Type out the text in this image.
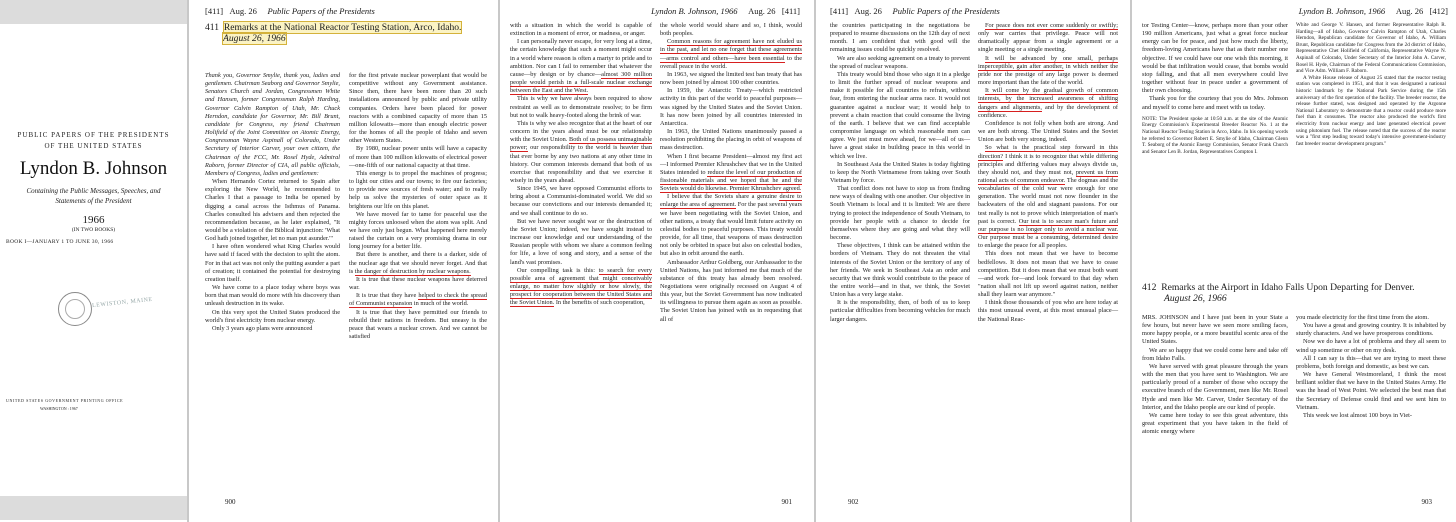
PUBLIC PAPERS OF THE PRESIDENTS
OF THE UNITED STATES
Lyndon B. Johnson
Containing the Public Messages, Speeches, and Statements of the President
1966
(IN TWO BOOKS)
BOOK I—JANUARY 1 TO JUNE 30, 1966
LEWISTON, MAINE
UNITED STATES GOVERNMENT PRINTING OFFICE
WASHINGTON : 1967
[411] Aug. 26 Public Papers of the Presidents
411 Remarks at the National Reactor Testing Station, Arco, Idaho.
August 26, 1966

Thank you, Governor Smylie, thank you, ladies and gentlemen. Chairman Seaborg and Governor Smylie, Senators Church and Jordan, Congressmen White and Hansen, former Congressman Ralph Harding, Governor Calvin Rampton of Utah, Mr. Chuck Herndon, candidate for Governor, Mr. Bill Brunt, candidate for Congress, my friend Chairman Holifield of the Joint Committee on Atomic Energy, Congressman Wayne Aspinall of Colorado, Under Secretary of Interior Carver, your own citizen, the Chairman of the FCC, Mr. Rosel Hyde, Admiral Raborn, former Director of CIA, all public officials, Members of Congress, ladies and gentlemen:

When Hernando Cortez returned to Spain after exploring the New World, he recommended to Charles I that a passage to India be opened by digging a canal across the Isthmus of Panama. Charles consulted his advisers and then rejected the recommendation because, as he later explained, "It would be a violation of the Biblical injunction: 'What God hath joined together, let no man put asunder.'"

I have often wondered what King Charles would have said if faced with the decision to split the atom. For in that act was not only the putting asunder a part of creation; it contained the potential for destroying creation itself.

We have come to a place today where boys was born that man would do more with his discovery than unleash destruction in its wake.

On this very spot the United States produced the world's first electricity from nuclear energy.

Only 3 years ago plans were announced

for the first private nuclear powerplant that would be competitive without any Government assistance. Since then, there have been more than 20 such installations announced by public and private utility companies. Orders have been placed for power reactors with a combined capacity of more than 15 million kilowatts—more than enough electric power for the homes of all the people of Idaho and seven other Western States.

By 1980, nuclear power units will have a capacity of more than 100 million kilowatts of electrical power—one-fifth of our national capacity at that time.

This energy is to propel the machines of progress; to light our cities and our towns; to fire our factories; to provide new sources of fresh water; and to really help us solve the mysteries of outer space as it brightens our life on this planet.

We have moved far to tame for peaceful use the mighty forces unloosed when the atom was split. And we have only just begun. What happened here merely raised the curtain on a very promising drama in our long journey for a better life.

But there is another, and there is a darker, side of the nuclear age that we should never forget. And that is the danger of destruction by nuclear weapons.

It is true that these nuclear weapons have deterred war.

It is true that they have helped to check the spread of Communist expansion in much of the world.

It is true that they have permitted our friends to rebuild their nations in freedom. But uneasy is the peace that wears a nuclear crown. And we cannot be satisfied

900
Lyndon B. Johnson, 1966 Aug. 26 [411]

with a situation in which the world is capable of extinction in a moment of error, or madness, or anger.

I can personally never escape, for very long at a time, the certain knowledge that such a moment might occur in a world where reason is often a martyr to pride and to ambition. Nor can I fail to remember that whatever the cause—by design or by chance—almost 300 million people would perish in a full-scale nuclear exchange between the East and the West.

This is why we have always been required to show restraint as well as to demonstrate resolve; to be firm but not to walk heavy-footed along the brink of war.

This is why we also recognize that at the heart of our concern in the years ahead must be our relationship with the Soviet Union. Both of us possess unimaginable power; our responsibility to the world is heavier than that ever borne by any two nations at any other time in history. Our common interests demand that both of us exercise that responsibility and that we exercise it wisely in the years ahead.

Since 1945, we have opposed Communist efforts to bring about a Communist-dominated world. We did so because our convictions and our interests demanded it; and we shall continue to do so.

But we have never sought war or the destruction of the Soviet Union; indeed, we have sought instead to increase our knowledge and our understanding of the Russian people with whom we share a common feeling for life, a love of song and story, and a sense of the land's vast promises.

Our compelling task is this: to search for every possible area of agreement that might conceivably enlarge, no matter how slightly or how slowly, the prospect for cooperation between the United States and the Soviet Union. In the benefits of such cooperation,

the whole world would share and so, I think, would both peoples.

Common reasons for agreement have not eluded us in the past, and let no one forget that these agreements—arms control and others—have been essential to the overall peace in the world.

In 1963, we signed the limited test ban treaty that has now been joined by almost 100 other countries.

In 1959, the Antarctic Treaty—which restricted activity in this part of the world to peaceful purposes—was signed by the United States and the Soviet Union. It has now been joined by all countries interested in Antarctica.

In 1963, the United Nations unanimously passed a resolution prohibiting the placing in orbit of weapons of mass destruction.

When I first became President—almost my first act—I informed Premier Khrushchev that we in the United States intended to reduce the level of our production of fissionable materials and we hoped that he and the Soviets would do likewise. Premier Khrushchev agreed.

I believe that the Soviets share a genuine desire to enlarge the area of agreement. For the past several years we have been negotiating with the Soviet Union, and other nations, a treaty that would limit future activity on celestial bodies to peaceful purposes. This treaty would provide, for all time, that weapons of mass destruction not only be orbited in space but also on celestial bodies, but also in orbit around the earth.

Ambassador Arthur Goldberg, our Ambassador to the United Nations, has just informed me that much of the substance of this treaty has already been resolved. Negotiations were originally recessed on August 4 of this year, but the Soviet Government has now indicated its willingness to pursue them again as soon as possible. The Soviet Union has joined with us in requesting that all of

901
[411] Aug. 26 Public Papers of the Presidents

the countries participating in the negotiations be prepared to resume discussions on the 12th day of next month. I am confident that with good will the remaining issues could be quickly resolved.

We are also seeking agreement on a treaty to prevent the spread of nuclear weapons.

This treaty would bind those who sign it in a pledge to limit the further spread of nuclear weapons and make it possible for all countries to refrain, without fear, from entering the nuclear arms race. It would not guarantee against a nuclear war; it would help to prevent a chain reaction that could consume the living of the earth. I believe that we can find acceptable compromise language on which reasonable men can agree. We just must move ahead, for we—all of us—have a great stake in building peace in this world in which we live.

In Southeast Asia the United States is today fighting to keep the North Vietnamese from taking over South Vietnam by force.

That conflict does not have to stop us from finding new ways of dealing with one another. Our objective in South Vietnam is local and it is limited: We are there trying to protect the independence of South Vietnam, to provide her people with a chance to decide for themselves where they are going and what they will become.

These objectives, I think can be attained within the borders of Vietnam. They do not threaten the vital interests of the Soviet Union or the territory of any of her friends. We seek in Southeast Asia an order and security that we think would contribute to the peace of the entire world—and in that, we think, the Soviet Union has a very large stake.

It is the responsibility, then, of both of us to keep particular difficulties from becoming vehicles for much larger dangers.

For peace does not ever come suddenly or swiftly; only war carries that privilege. Peace will not dramatically appear from a single agreement or a single meeting or a single meeting.

It will be advanced by one small, perhaps imperceptible, gain after another, in which neither the pride nor the prestige of any large power is deemed more important than the fate of the world.

It will come by the gradual growth of common interests, by the increased awareness of shifting dangers and alignments, and by the development of confidence.

Confidence is not folly when both are strong. And we are both strong. The United States and the Soviet Union are both very strong, indeed.

So what is the practical step forward in this direction? I think it is to recognize that while differing principles and differing values may always divide us, they should not, and they must not, prevent us from rational acts of common endeavor. The dogmas and the vocabularies of the cold war were enough for one generation. The world must not now flounder in the backwaters of the old and stagnant passions. For our test really is not to prove which interpretation of man's past is correct. Our test is to secure man's future and our purpose is no longer only to avoid a nuclear war. Our purpose must be a consuming, determined desire to enlarge the peace for all peoples.

This does not mean that we have to become bedfellows. It does not mean that we have to cease competition. But it does mean that we must both want—and work for—and look forward to that day when "nation shall not lift up sword against nation, neither shall they learn war anymore."

I think those thousands of you who are here today at this most unusual event, at this most unusual place—the National Reac-

902
Lyndon B. Johnson, 1966 Aug. 26 [412]

tor Testing Center—know, perhaps more than your other 190 million Americans, just what a great force nuclear energy can be for peace, and just how much the liberty, freedom-loving Americans have that as their number one objective. If we could have our one wish this morning, it would be that infiltration would cease, that bombs would stop falling, and that all men everywhere could live together without fear in peace under a government of their own choosing.

Thank you for the courtesy that you do Mrs. Johnson and myself to come here and meet with us today.

NOTE: The President spoke at 10:50 a.m. at the site of the Atomic Energy Commission's Experimental Breeder Reactor No. 1 at the National Reactor Testing Station in Arco, Idaho. In his opening words he referred to Governor Robert E. Smylie of Idaho, Chairman Glenn T. Seaborg of the Atomic Energy Commission, Senator Frank Church and Senator Len B. Jordan, Representatives Compton I.

White and George V. Hansen, and former Representative Ralph R. Harding—all of Idaho, Governor Calvin Rampton of Utah, Charles Herndon, Republican candidate for Governor of Idaho, A. William Brunt, Republican candidate for Congress from the 2d district of Idaho, Representative Chet Holifield of California, Representative Wayne N. Aspinall of Colorado, Under Secretary of the Interior John A. Carver, Rosel H. Hyde, Chairman of the Federal Communications Commission, and Vice Adm. William F. Raborn.

A White House release of August 25 stated that the reactor testing station was completed in 1951, and that it was designated a national historic landmark by the National Park Service during the 15th anniversary of the first operation of the facility. The breeder reactor, the release further stated, was designed and operated by the Argonne National Laboratory to demonstrate that a reactor could produce more fuel than it consumes. The reactor also produced the world's first electricity from nuclear energy and later generated electrical power using plutonium fuel. The release noted that the success of the reactor was a "first step leading toward today's intensive government-industry fast breeder reactor development program."

412 Remarks at the Airport in Idaho Falls Upon Departing for Denver.
August 26, 1966

MRS. JOHNSON and I have just been in your State a few hours, but never have we seen more smiling faces, more happy people, or a more beautiful scenic area of the United States.

We are so happy that we could come here and take off from Idaho Falls.

We have served with great pleasure through the years with the men that you have sent to Washington. We are particularly proud of a number of those who occupy the executive branch of the Government, men like Mr. Rosel Hyde and men like Mr. Carver, Under Secretary of the Interior, and the Idaho people are our kind of people.

We came here today to see this great adventure, this great experiment that you have taken in the field of atomic energy where

you made electricity for the first time from the atom.

You have a great and growing country. It is inhabited by sturdy characters. And we have prosperous conditions.

Now we do have a lot of problems and they all seem to wind up sometime or other on my desk.

All I can say is this—that we are trying to meet these problems, both foreign and domestic, as best we can.

We have General Westmoreland, I think the most brilliant soldier that we have in the United States Army. He was the head of West Point. We selected the best man that the Secretary of Defense could find and we sent him to Vietnam.

This week we lost almost 100 boys in Viet-

903
